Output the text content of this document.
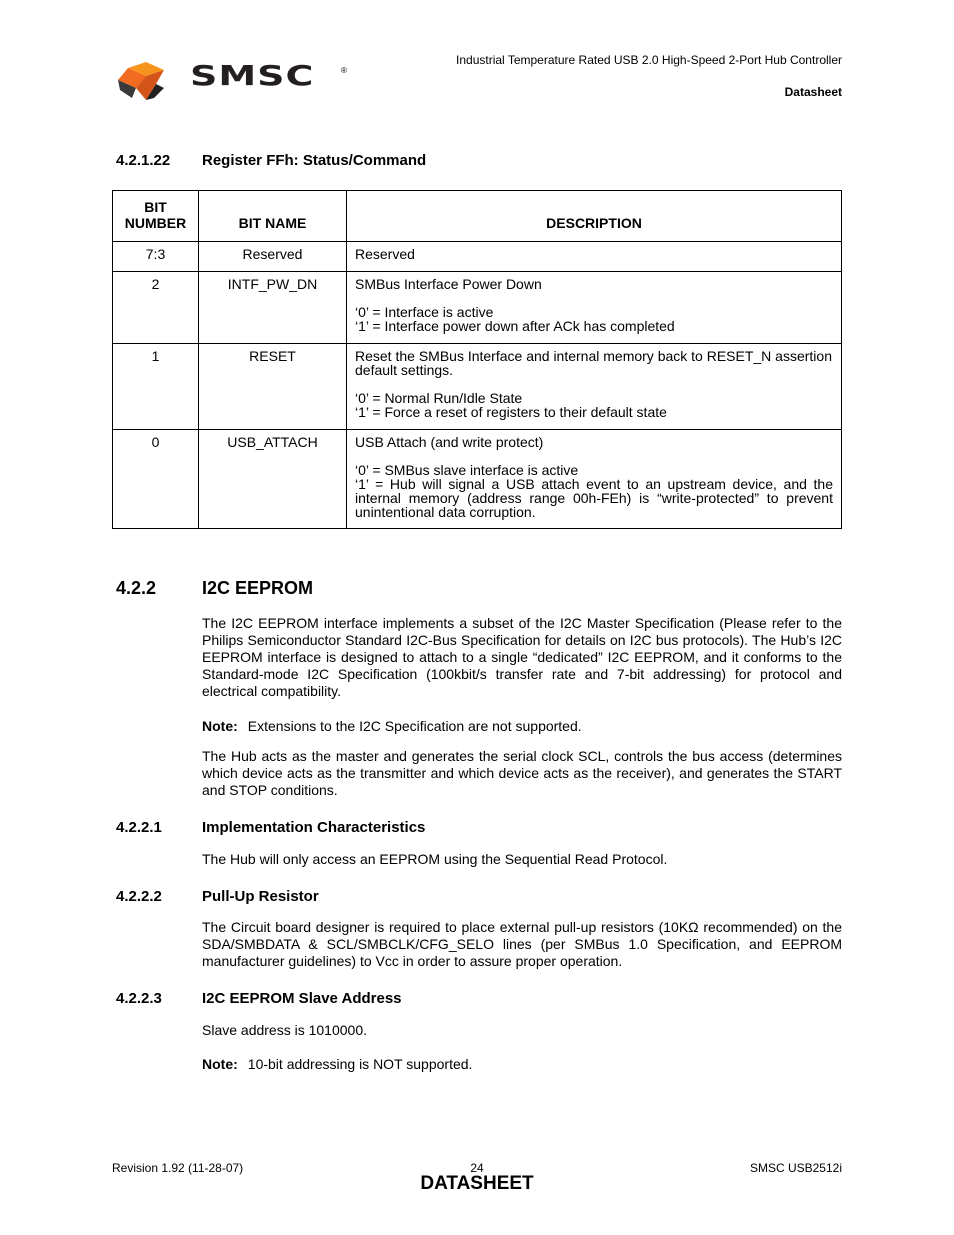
SMSC	®
Industrial Temperature Rated USB 2.0 High-Speed 2-Port Hub Controller
Datasheet
4.2.1.22 Register FFh: Status/Command
BIT
NUMBER	BIT NAME	DESCRIPTION
7:3	Reserved	Reserved

2	INTF_PW_DN	SMBus Interface Power Down
‘0’ = Interface is active
‘1’ = Interface power down after ACk has completed

1	RESET	Reset the SMBus Interface and internal memory back to RESET_N assertion default settings.
‘0’ = Normal Run/Idle State
‘1’ = Force a reset of registers to their default state

0	USB_ATTACH	USB Attach (and write protect)
‘0’ = SMBus slave interface is active
‘1’ = Hub will signal a USB attach event to an upstream device, and the internal memory (address range 00h-FEh) is “write-protected” to prevent unintentional data corruption.
4.2.2	I2C EEPROM
The I2C EEPROM interface implements a subset of the I2C Master Specification (Please refer to the Philips Semiconductor Standard I2C-Bus Specification for details on I2C bus protocols). The Hub’s I2C EEPROM interface is designed to attach to a single “dedicated” I2C EEPROM, and it conforms to the Standard-mode I2C Specification (100kbit/s transfer rate and 7-bit addressing) for protocol and electrical compatibility.
Note: Extensions to the I2C Specification are not supported.
The Hub acts as the master and generates the serial clock SCL, controls the bus access (determines which device acts as the transmitter and which device acts as the receiver), and generates the START and STOP conditions.
4.2.2.1	Implementation Characteristics
The Hub will only access an EEPROM using the Sequential Read Protocol.
4.2.2.2	Pull-Up Resistor
The Circuit board designer is required to place external pull-up resistors (10KΩ recommended) on the SDA/SMBDATA & SCL/SMBCLK/CFG_SELO lines (per SMBus 1.0 Specification, and EEPROM manufacturer guidelines) to Vcc in order to assure proper operation.
4.2.2.3	I2C EEPROM Slave Address
Slave address is 1010000.
Note: 10-bit addressing is NOT supported.
Revision 1.92 (11-28-07)	24	SMSC USB2512i
DATASHEET
